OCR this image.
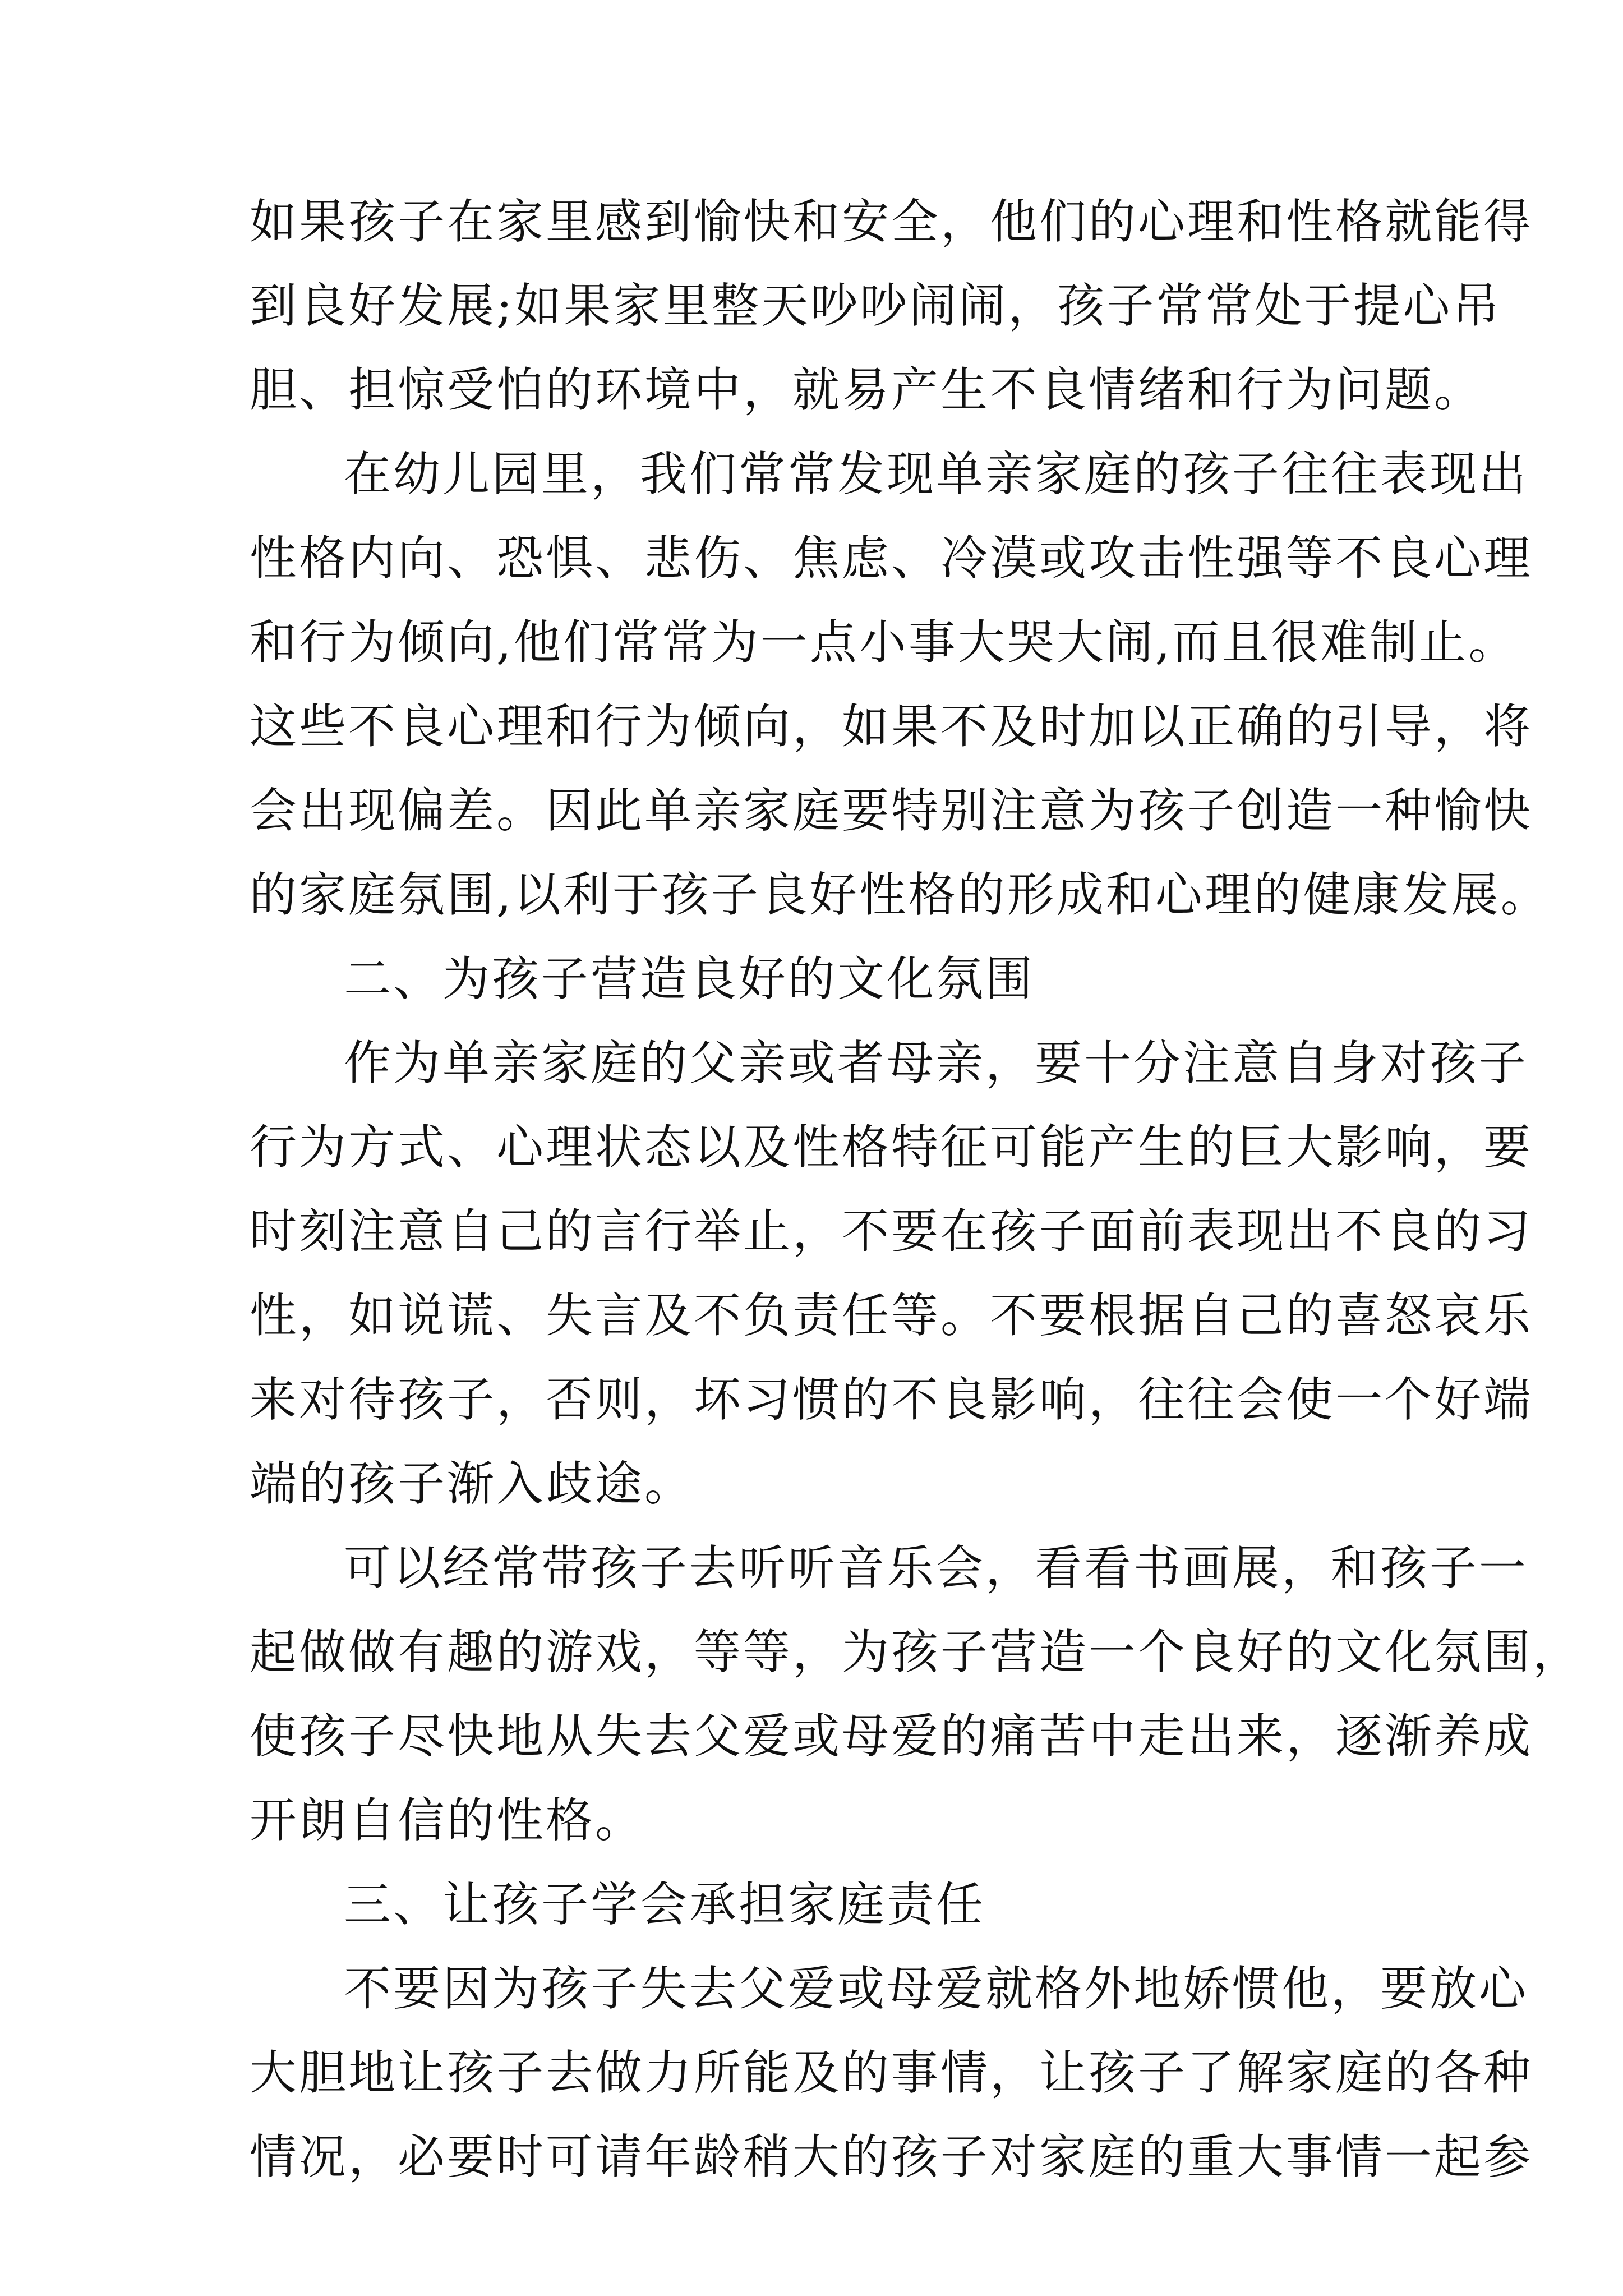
如果孩子在家里感到愉快和安全，他们的心理和性格就能得
到良好发展;如果家里整天吵吵闹闹，孩子常常处于提心吊
胆、担惊受怕的环境中，就易产生不良情绪和行为问题。
在幼儿园里，我们常常发现单亲家庭的孩子往往表现出
性格内向、恐惧、悲伤、焦虑、冷漠或攻击性强等不良心理
和行为倾向,他们常常为一点小事大哭大闹,而且很难制止。
这些不良心理和行为倾向，如果不及时加以正确的引导，将
会出现偏差。因此单亲家庭要特别注意为孩子创造一种愉快
的家庭氛围,以利于孩子良好性格的形成和心理的健康发展。
二、为孩子营造良好的文化氛围
作为单亲家庭的父亲或者母亲，要十分注意自身对孩子
行为方式、心理状态以及性格特征可能产生的巨大影响，要
时刻注意自己的言行举止，不要在孩子面前表现出不良的习
性，如说谎、失言及不负责任等。不要根据自己的喜怒哀乐
来对待孩子，否则，坏习惯的不良影响，往往会使一个好端
端的孩子渐入歧途。
可以经常带孩子去听听音乐会，看看书画展，和孩子一
起做做有趣的游戏，等等，为孩子营造一个良好的文化氛围，
使孩子尽快地从失去父爱或母爱的痛苦中走出来，逐渐养成
开朗自信的性格。
三、让孩子学会承担家庭责任
不要因为孩子失去父爱或母爱就格外地娇惯他，要放心
大胆地让孩子去做力所能及的事情，让孩子了解家庭的各种
情况，必要时可请年龄稍大的孩子对家庭的重大事情一起参
